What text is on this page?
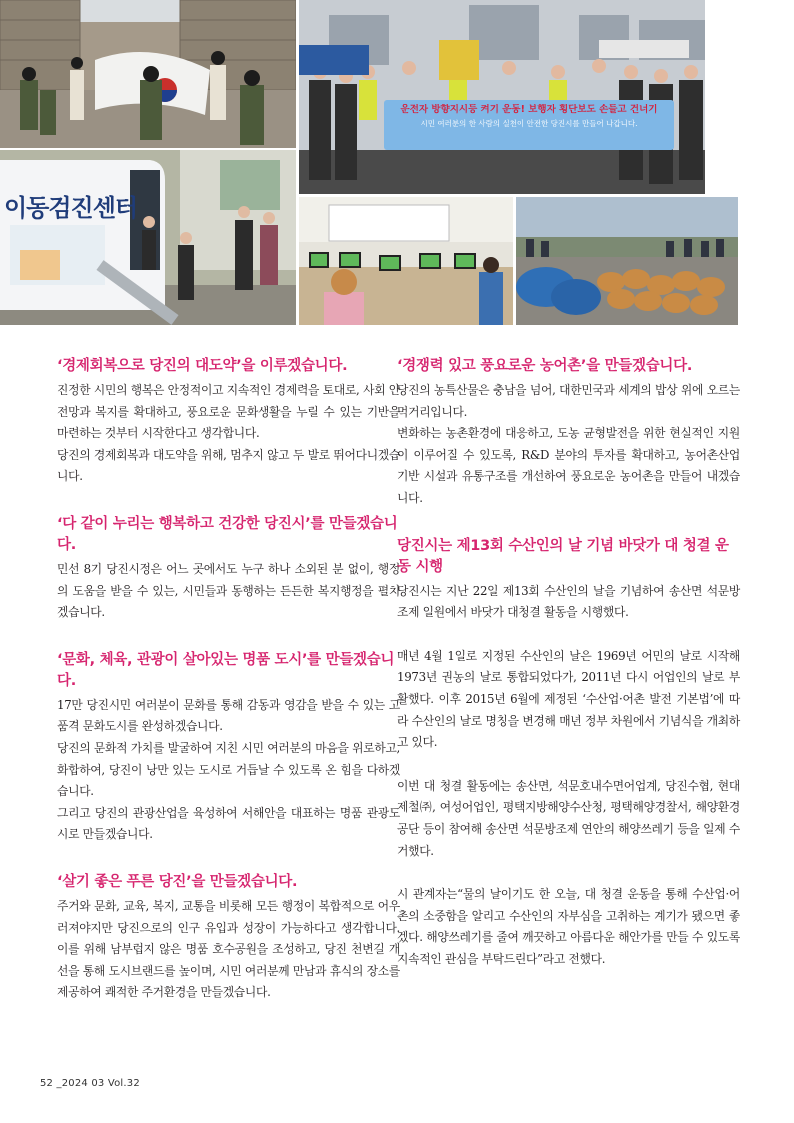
운전자 방향지시등 켜기 운동! 보행자 횡단보도 손들고 건너기
시민 여러분의 한 사람의 실천이 안전한 당진시를 만들어 나갑니다.
이동검진센터
‘경제회복으로 당진의 대도약’을 이루겠습니다.

진정한 시민의 행복은 안정적이고 지속적인 경제력을 토대로, 사회 안전망과 복지를 확대하고, 풍요로운 문화생활을 누릴 수 있는 기반을 마련하는 것부터 시작한다고 생각합니다.

당진의 경제회복과 대도약을 위해, 멈추지 않고 두 발로 뛰어다니겠습니다.

‘다 같이 누리는 행복하고 건강한 당진시’를 만들겠습니다.

민선 8기 당진시정은 어느 곳에서도 누구 하나 소외된 분 없이, 행정의 도움을 받을 수 있는, 시민들과 동행하는 든든한 복지행정을 펼치겠습니다.

‘문화, 체육, 관광이 살아있는 명품 도시’를 만들겠습니다.

17만 당진시민 여러분이 문화를 통해 감동과 영감을 받을 수 있는 고품격 문화도시를 완성하겠습니다.

당진의 문화적 가치를 발굴하여 지친 시민 여러분의 마음을 위로하고, 화합하여, 당진이 낭만 있는 도시로 거듭날 수 있도록 온 힘을 다하겠습니다.

그리고 당진의 관광산업을 육성하여 서해안을 대표하는 명품 관광도시로 만들겠습니다.

‘살기 좋은 푸른 당진’을 만들겠습니다.

주거와 문화, 교육, 복지, 교통을 비롯해 모든 행정이 복합적으로 어우러져야지만 당진으로의 인구 유입과 성장이 가능하다고 생각합니다. 이를 위해 남부럽지 않은 명품 호수공원을 조성하고, 당진 천변길 개선을 통해 도시브랜드를 높이며, 시민 여러분께 만남과 휴식의 장소를 제공하여 쾌적한 주거환경을 만들겠습니다.

‘경쟁력 있고 풍요로운 농어촌’을 만들겠습니다.

당진의 농특산물은 충남을 넘어, 대한민국과 세계의 밥상 위에 오르는 먹거리입니다.

변화하는 농촌환경에 대응하고, 도농 균형발전을 위한 현실적인 지원이 이루어질 수 있도록, R&D 분야의 투자를 확대하고, 농어촌산업 기반 시설과 유통구조를 개선하여 풍요로운 농어촌을 만들어 내겠습니다.

당진시는 제13회 수산인의 날 기념 바닷가 대 청결 운동 시행

당진시는 지난 22일 제13회 수산인의 날을 기념하여 송산면 석문방조제 일원에서 바닷가 대청결 활동을 시행했다.

매년 4월 1일로 지정된 수산인의 날은 1969년 어민의 날로 시작해 1973년 권농의 날로 통합되었다가, 2011년 다시 어업인의 날로 부활했다. 이후 2015년 6월에 제정된 ‘수산업·어촌 발전 기본법’에 따라 수산인의 날로 명칭을 변경해 매년 정부 차원에서 기념식을 개최하고 있다.

이번 대 청결 활동에는 송산면, 석문호내수면어업계, 당진수협, 현대제철㈜, 여성어업인, 평택지방해양수산청, 평택해양경찰서, 해양환경공단 등이 참여해 송산면 석문방조제 연안의 해양쓰레기 등을 일제 수거했다.

시 관계자는“물의 날이기도 한 오늘, 대 청결 운동을 통해 수산업·어촌의 소중함을 알리고 수산인의 자부심을 고취하는 계기가 됐으면 좋겠다. 해양쓰레기를 줄여 깨끗하고 아름다운 해안가를 만들 수 있도록 지속적인 관심을 부탁드린다”라고 전했다.

52 _2024 03 Vol.32
